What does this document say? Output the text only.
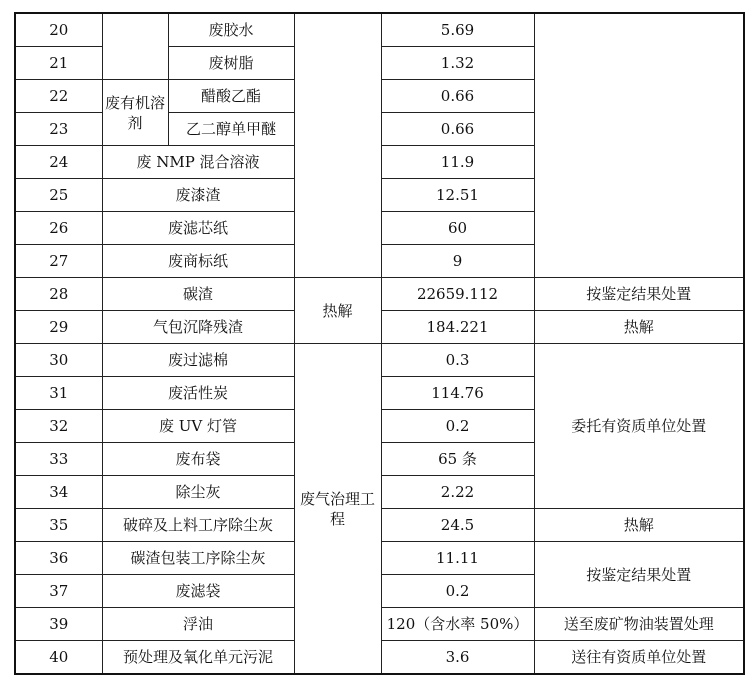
20		废胶水		5.69	
21		废树脂		1.32	
22	废有机溶剂	醋酸乙酯		0.66	
23		乙二醇单甲醚		0.66	
24	废 NMP 混合溶液			11.9	
25	废漆渣			12.51	
26	废滤芯纸			60	
27	废商标纸			9	
28	碳渣		热解	22659.112	按鉴定结果处置
29	气包沉降残渣			184.221	热解
30	废过滤棉		废气治理工程	0.3	委托有资质单位处置
31	废活性炭			114.76	
32	废 UV 灯管			0.2	
33	废布袋			65 条	
34	除尘灰			2.22	
35	破碎及上料工序除尘灰			24.5	热解
36	碳渣包装工序除尘灰			11.11	按鉴定结果处置
37	废滤袋			0.2	
39	浮油			120（含水率 50%）	送至废矿物油装置处理
40	预处理及氧化单元污泥			3.6	送往有资质单位处置
